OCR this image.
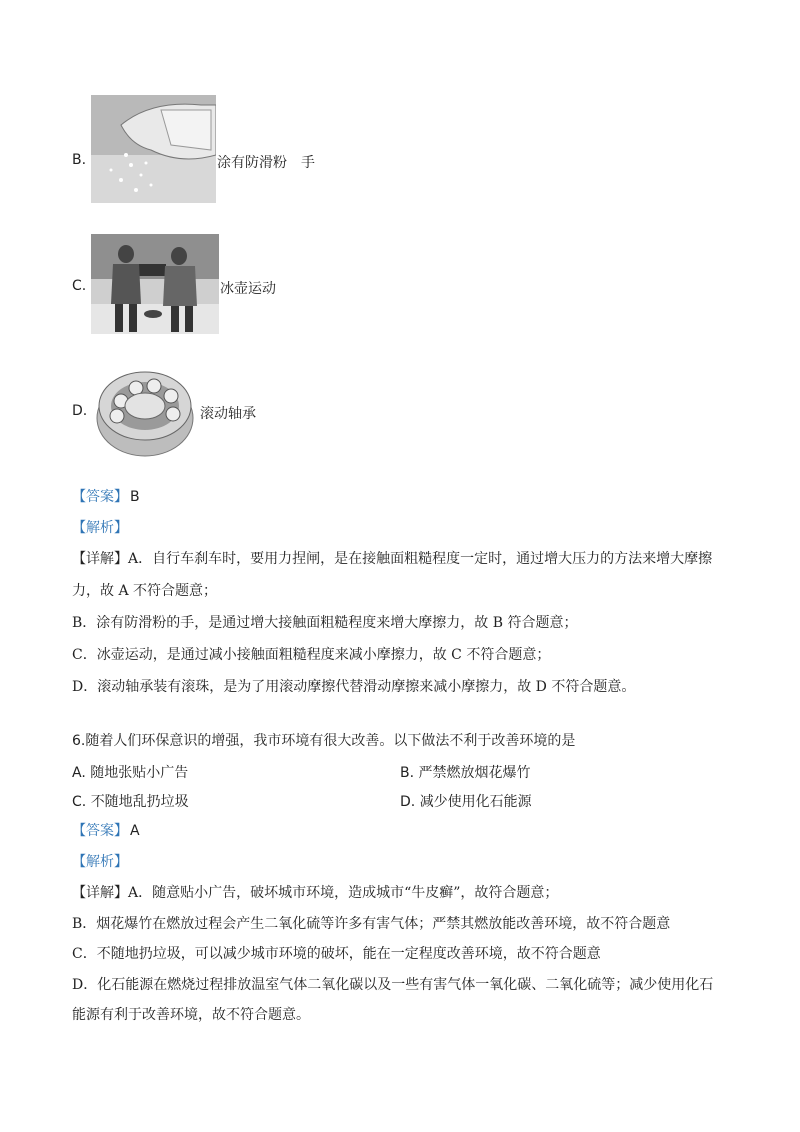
B.	涂有防滑粉　手
C.	冰壶运动
D.	滚动轴承
【答案】 B
【解析】
【详解】A．自行车刹车时，要用力捏闸，是在接触面粗糙程度一定时，通过增大压力的方法来增大摩擦
力，故 A 不符合题意；
B．涂有防滑粉的手，是通过增大接触面粗糙程度来增大摩擦力，故 B 符合题意；
C．冰壶运动，是通过减小接触面粗糙程度来减小摩擦力，故 C 不符合题意；
D．滚动轴承装有滚珠，是为了用滚动摩擦代替滑动摩擦来减小摩擦力，故 D 不符合题意。
6.随着人们环保意识的增强，我市环境有很大改善。以下做法不利于改善环境的是
A. 随地张贴小广告	B. 严禁燃放烟花爆竹
C. 不随地乱扔垃圾	D. 减少使用化石能源
【答案】 A
【解析】
【详解】A．随意贴小广告，破坏城市环境，造成城市“牛皮癣”，故符合题意；
B．烟花爆竹在燃放过程会产生二氧化硫等许多有害气体；严禁其燃放能改善环境，故不符合题意
C．不随地扔垃圾，可以减少城市环境的破坏，能在一定程度改善环境，故不符合题意
D．化石能源在燃烧过程排放温室气体二氧化碳以及一些有害气体一氧化碳、二氧化硫等；减少使用化石
能源有利于改善环境，故不符合题意。
